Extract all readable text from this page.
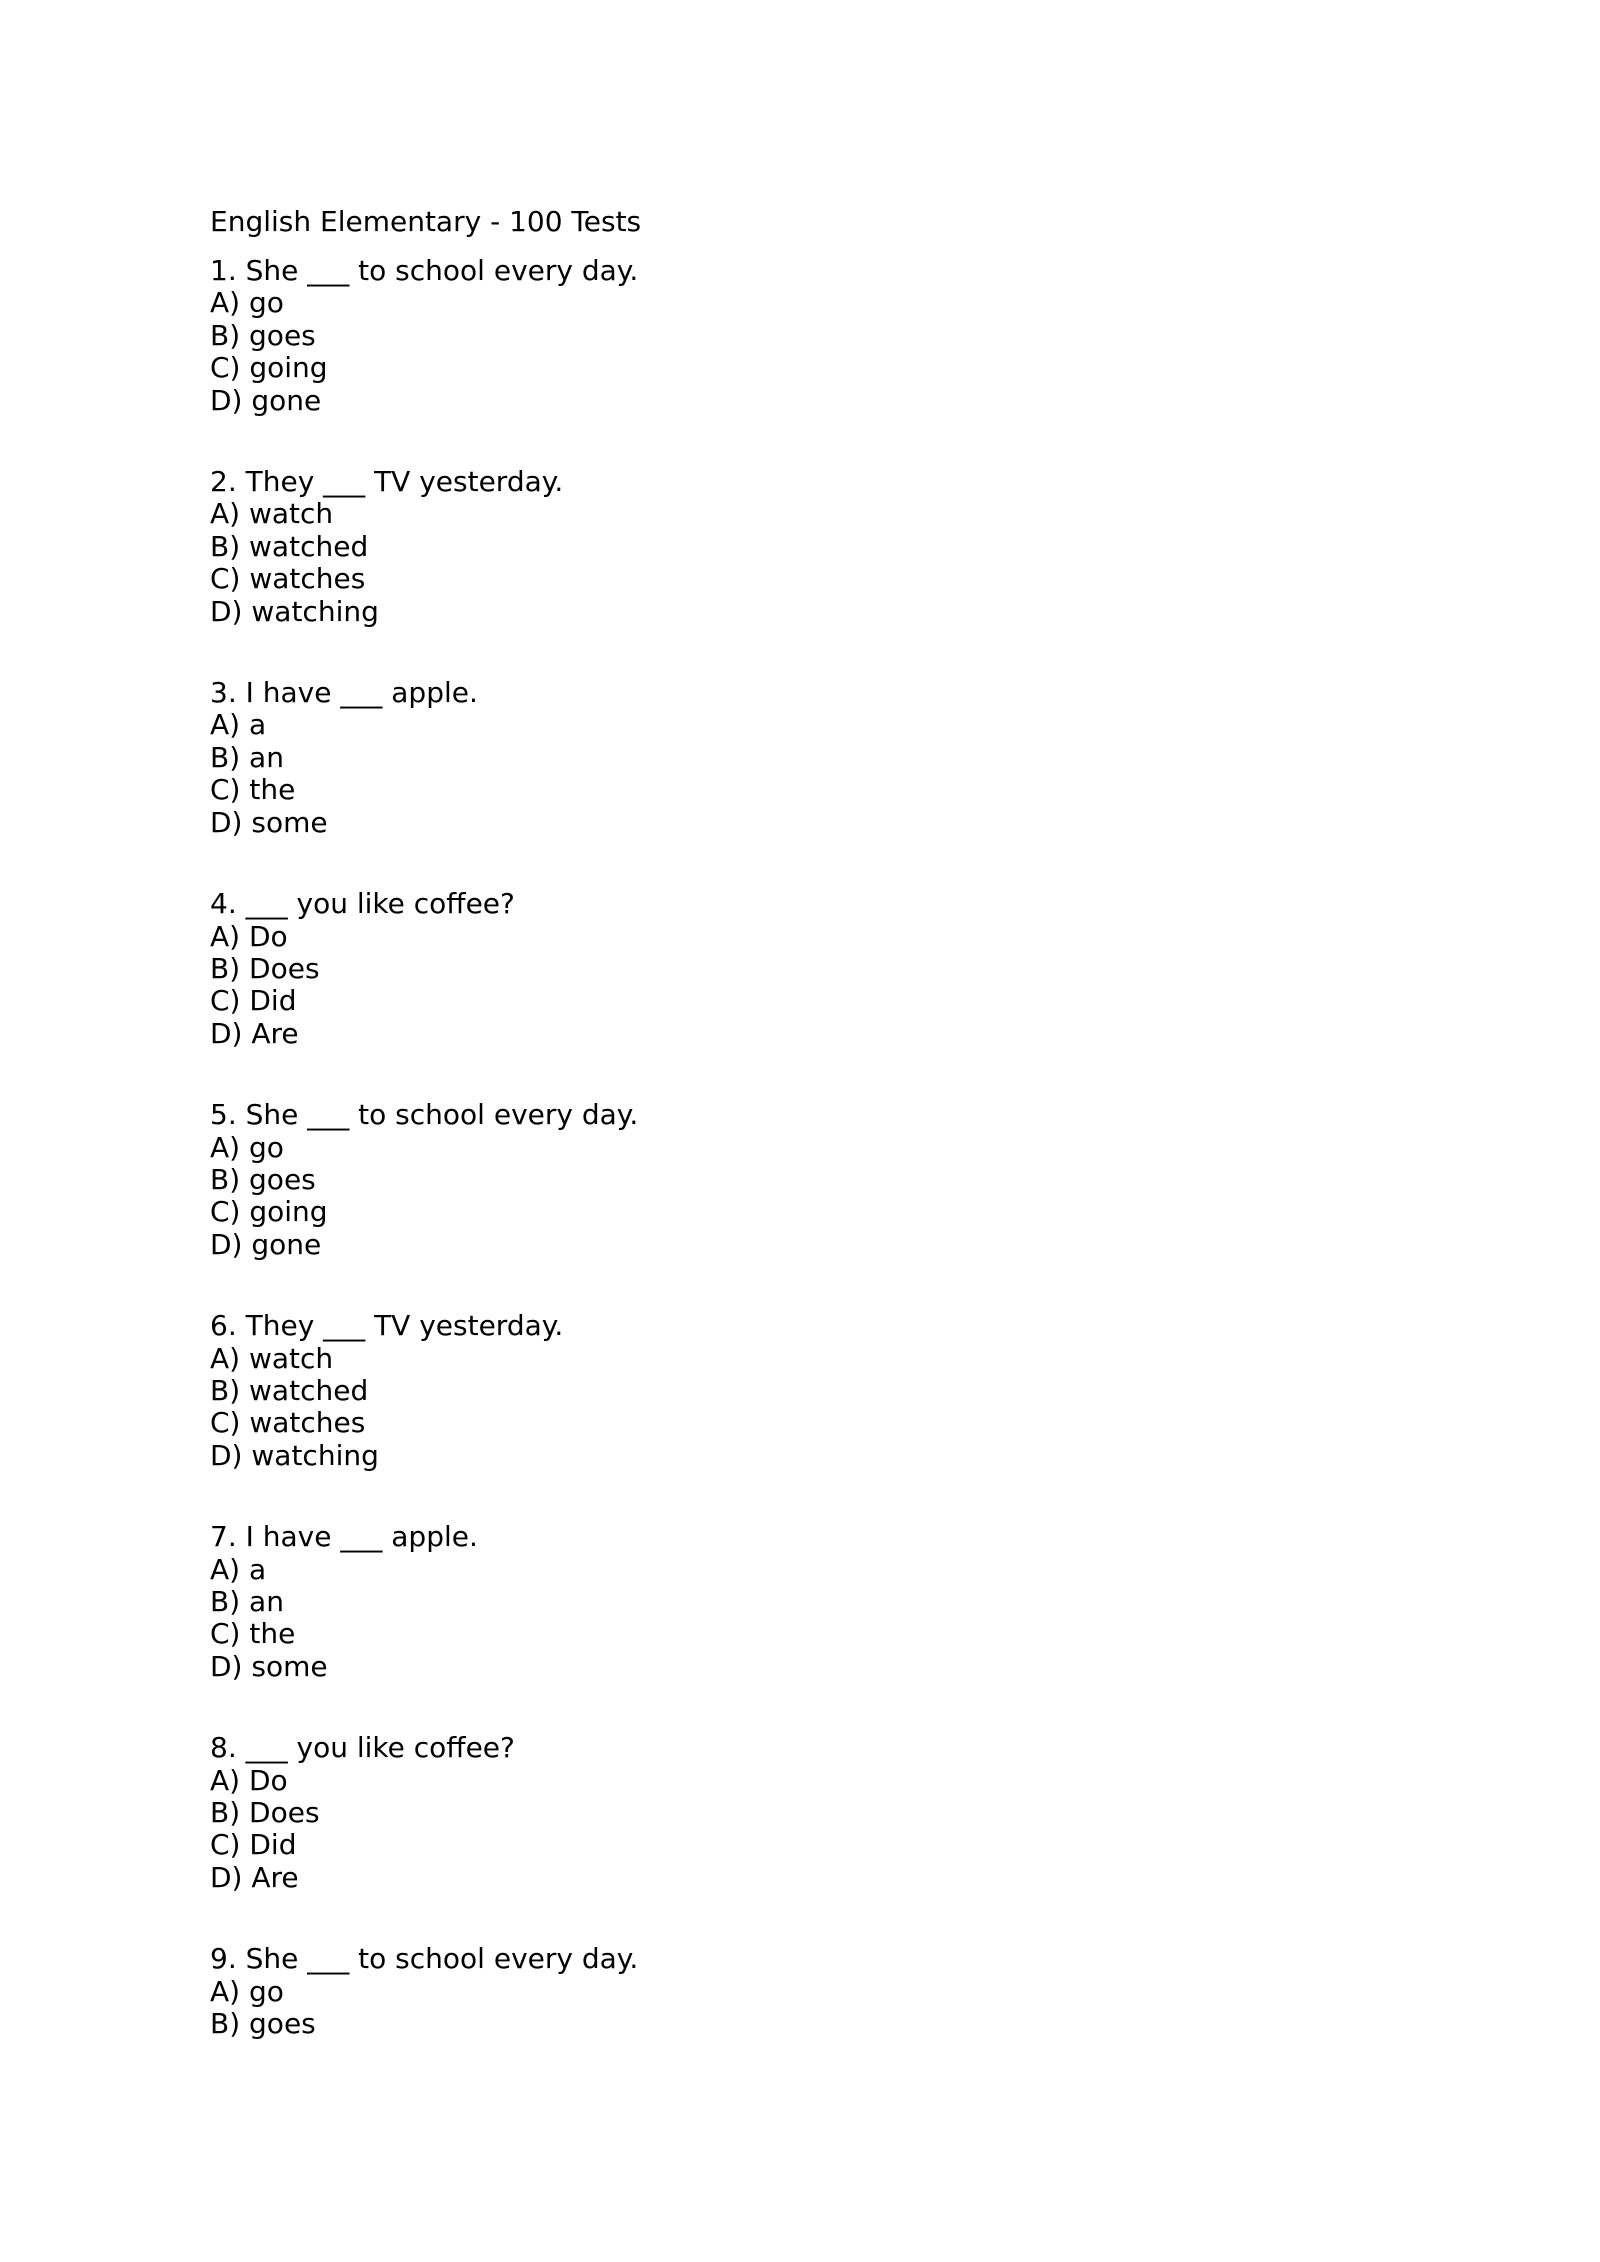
English Elementary - 100 Tests
1. She ___ to school every day.
A) go
B) goes
C) going
D) gone
2. They ___ TV yesterday.
A) watch
B) watched
C) watches
D) watching
3. I have ___ apple.
A) a
B) an
C) the
D) some
4. ___ you like coffee?
A) Do
B) Does
C) Did
D) Are
5. She ___ to school every day.
A) go
B) goes
C) going
D) gone
6. They ___ TV yesterday.
A) watch
B) watched
C) watches
D) watching
7. I have ___ apple.
A) a
B) an
C) the
D) some
8. ___ you like coffee?
A) Do
B) Does
C) Did
D) Are
9. She ___ to school every day.
A) go
B) goes
